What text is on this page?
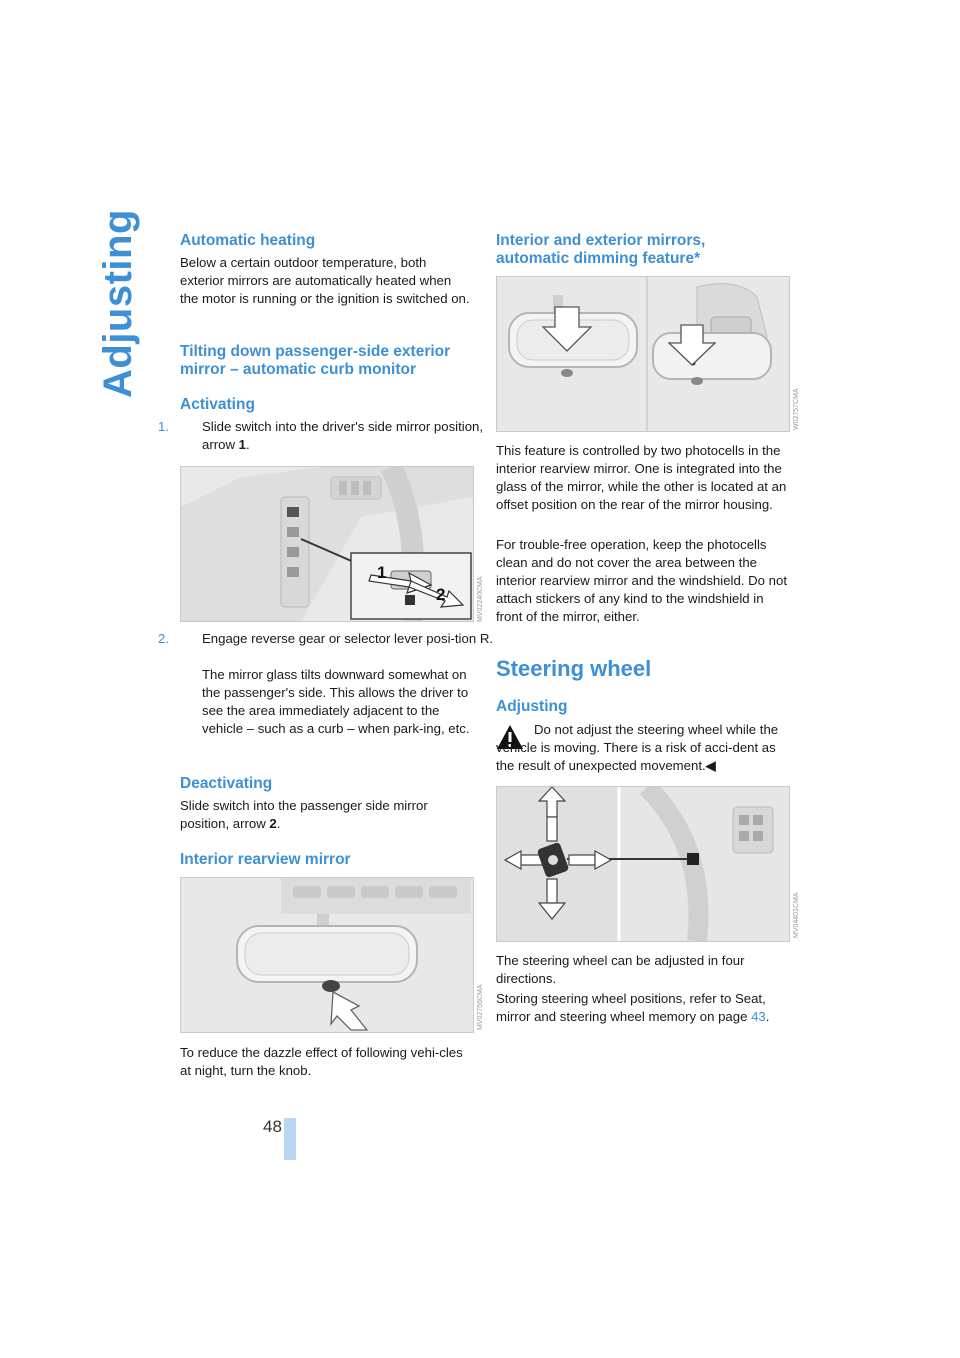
Adjusting
48
Automatic heating

Below a certain outdoor temperature, both exterior mirrors are automatically heated when the motor is running or the ignition is switched on.

Tilting down passenger-side exterior
mirror – automatic curb monitor
Activating

1.	Slide switch into the driver's side mirror position, arrow 1.

1
2	MV02240CMA

2.	Engage reverse gear or selector lever posi-tion R.

The mirror glass tilts downward somewhat on the passenger's side. This allows the driver to see the area immediately adjacent to the vehicle – such as a curb – when park-ing, etc.

Deactivating

Slide switch into the passenger side mirror position, arrow 2.

Interior rearview mirror
MV02756CMA

To reduce the dazzle effect of following vehi-cles at night, turn the knob.

Interior and exterior mirrors,
automatic dimming feature*
W02757CMA

This feature is controlled by two photocells in the interior rearview mirror. One is integrated into the glass of the mirror, while the other is located at an offset position on the rear of the mirror housing.

For trouble-free operation, keep the photocells clean and do not cover the area between the interior rearview mirror and the windshield. Do not attach stickers of any kind to the windshield in front of the mirror, either.

Steering wheel
Adjusting

Do not adjust the steering wheel while the vehicle is moving. There is a risk of acci-dent as the result of unexpected movement.◀

MV04401CMA

The steering wheel can be adjusted in four directions.

Storing steering wheel positions, refer to Seat, mirror and steering wheel memory on page 43.
